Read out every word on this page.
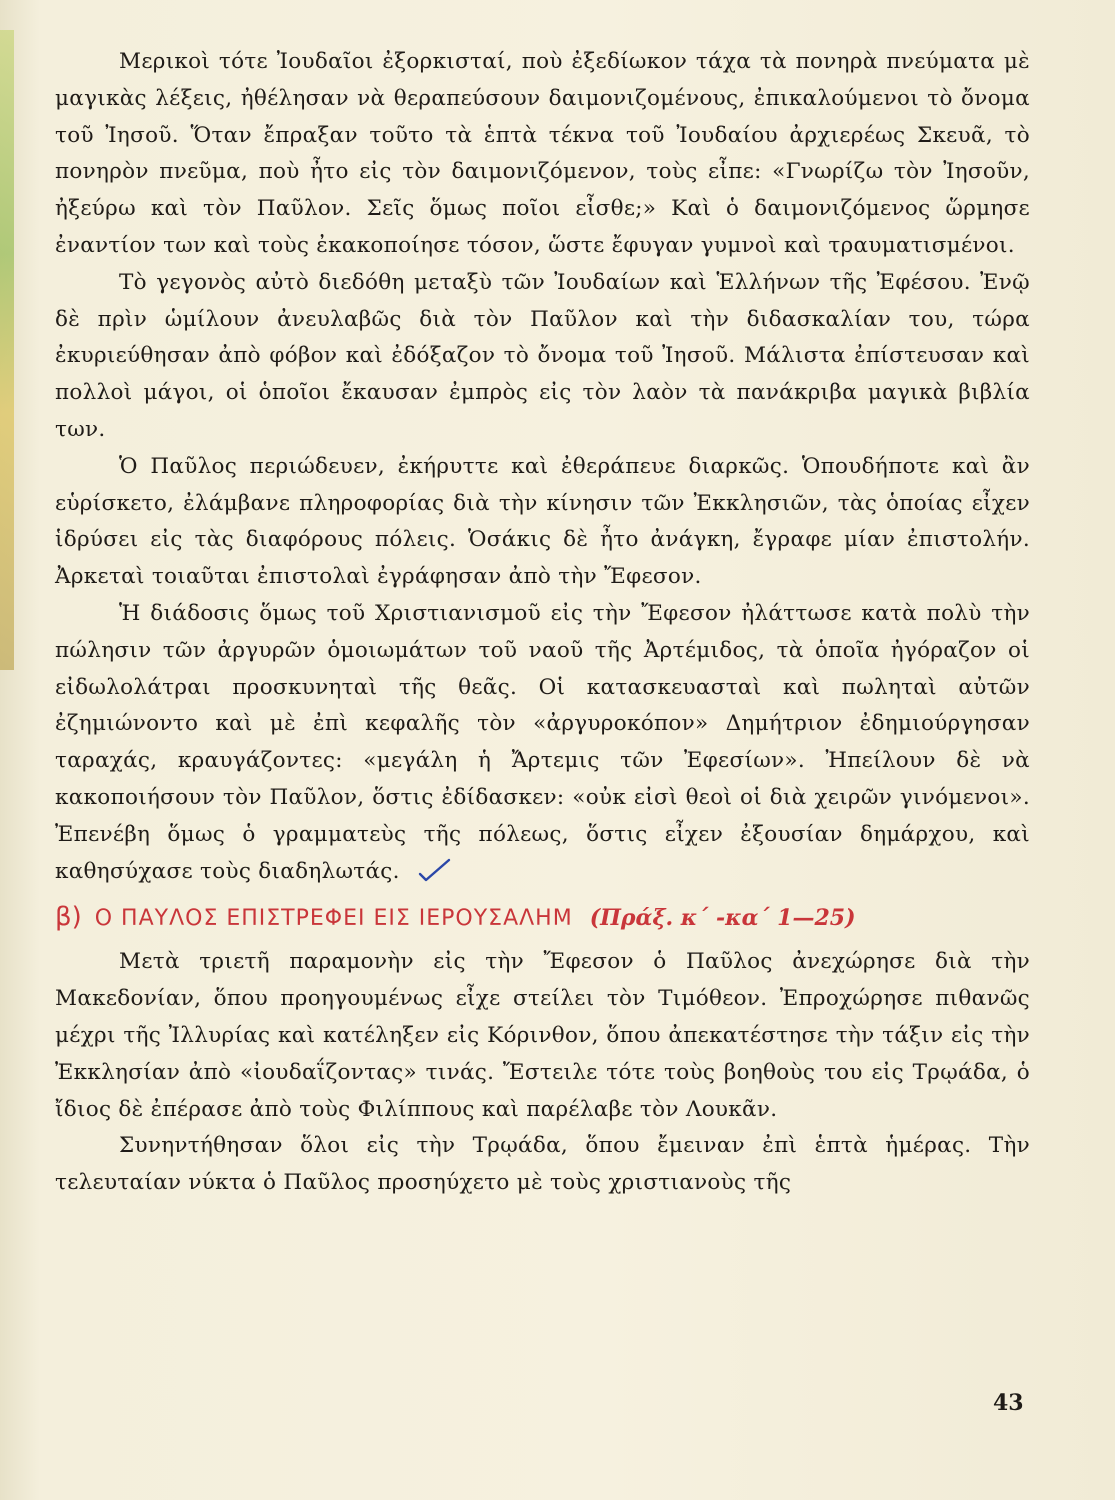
Μερικοὶ τότε Ἰουδαῖοι ἐξορκισταί, ποὺ ἐξεδίωκον τάχα τὰ πονηρὰ πνεύματα μὲ μαγικὰς λέξεις, ἠθέλησαν νὰ θεραπεύσουν δαιμονιζομένους, ἐπικαλούμενοι τὸ ὄνομα τοῦ Ἰησοῦ. Ὅταν ἔπραξαν τοῦτο τὰ ἑπτὰ τέκνα τοῦ Ἰουδαίου ἀρχιερέως Σκευᾶ, τὸ πονηρὸν πνεῦμα, ποὺ ἦτο εἰς τὸν δαιμονιζόμενον, τοὺς εἶπε: «Γνωρίζω τὸν Ἰησοῦν, ἠξεύρω καὶ τὸν Παῦλον. Σεῖς ὅμως ποῖοι εἶσθε;» Καὶ ὁ δαιμονιζόμενος ὥρμησε ἐναντίον των καὶ τοὺς ἐκακοποίησε τόσον, ὥστε ἔφυγαν γυμνοὶ καὶ τραυματισμένοι.

Τὸ γεγονὸς αὐτὸ διεδόθη μεταξὺ τῶν Ἰουδαίων καὶ Ἑλλήνων τῆς Ἐφέσου. Ἐνῷ δὲ πρὶν ὡμίλουν ἀνευλαβῶς διὰ τὸν Παῦλον καὶ τὴν διδασκαλίαν του, τώρα ἐκυριεύθησαν ἀπὸ φόβον καὶ ἐδόξαζον τὸ ὄνομα τοῦ Ἰησοῦ. Μάλιστα ἐπίστευσαν καὶ πολλοὶ μάγοι, οἱ ὁποῖοι ἔκαυσαν ἐμπρὸς εἰς τὸν λαὸν τὰ πανάκριβα μαγικὰ βιβλία των.

Ὁ Παῦλος περιώδευεν, ἐκήρυττε καὶ ἐθεράπευε διαρκῶς. Ὁπουδήποτε καὶ ἂν εὑρίσκετο, ἐλάμβανε πληροφορίας διὰ τὴν κίνησιν τῶν Ἐκκλησιῶν, τὰς ὁποίας εἶχεν ἱδρύσει εἰς τὰς διαφόρους πόλεις. Ὁσάκις δὲ ἦτο ἀνάγκη, ἔγραφε μίαν ἐπιστολήν. Ἀρκεταὶ τοιαῦται ἐπιστολαὶ ἐγράφησαν ἀπὸ τὴν Ἔφεσον.

Ἡ διάδοσις ὅμως τοῦ Χριστιανισμοῦ εἰς τὴν Ἔφεσον ἠλάττωσε κατὰ πολὺ τὴν πώλησιν τῶν ἀργυρῶν ὁμοιωμάτων τοῦ ναοῦ τῆς Ἀρτέμιδος, τὰ ὁποῖα ἠγόραζον οἱ εἰδωλολάτραι προσκυνηταὶ τῆς θεᾶς. Οἱ κατασκευασταὶ καὶ πωληταὶ αὐτῶν ἐζημιώνοντο καὶ μὲ ἐπὶ κεφαλῆς τὸν «ἀργυροκόπον» Δημήτριον ἐδημιούργησαν ταραχάς, κραυγάζοντες: «μεγάλη ἡ Ἄρτεμις τῶν Ἐφεσίων». Ἠπείλουν δὲ νὰ κακοποιήσουν τὸν Παῦλον, ὅστις ἐδίδασκεν: «οὐκ εἰσὶ θεοὶ οἱ διὰ χειρῶν γινόμενοι». Ἐπενέβη ὅμως ὁ γραμματεὺς τῆς πόλεως, ὅστις εἶχεν ἐξουσίαν δημάρχου, καὶ καθησύχασε τοὺς διαδηλωτάς.

β) Ο ΠΑΥΛΟΣ ΕΠΙΣΤΡΕΦΕΙ ΕΙΣ ΙΕΡΟΥΣΑΛΗΜ (Πράξ. κ΄ -κα΄ 1—25)

Μετὰ τριετῆ παραμονὴν εἰς τὴν Ἔφεσον ὁ Παῦλος ἀνεχώρησε διὰ τὴν Μακεδονίαν, ὅπου προηγουμένως εἶχε στείλει τὸν Τιμόθεον. Ἐπροχώρησε πιθανῶς μέχρι τῆς Ἰλλυρίας καὶ κατέληξεν εἰς Κόρινθον, ὅπου ἀπεκατέστησε τὴν τάξιν εἰς τὴν Ἐκκλησίαν ἀπὸ «ἰουδαΐζοντας» τινάς. Ἔστειλε τότε τοὺς βοηθοὺς του εἰς Τρῳάδα, ὁ ἴδιος δὲ ἐπέρασε ἀπὸ τοὺς Φιλίππους καὶ παρέλαβε τὸν Λουκᾶν.

Συνηντήθησαν ὅλοι εἰς τὴν Τρῳάδα, ὅπου ἔμειναν ἐπὶ ἑπτὰ ἡμέρας. Τὴν τελευταίαν νύκτα ὁ Παῦλος προσηύχετο μὲ τοὺς χριστιανοὺς τῆς

43
